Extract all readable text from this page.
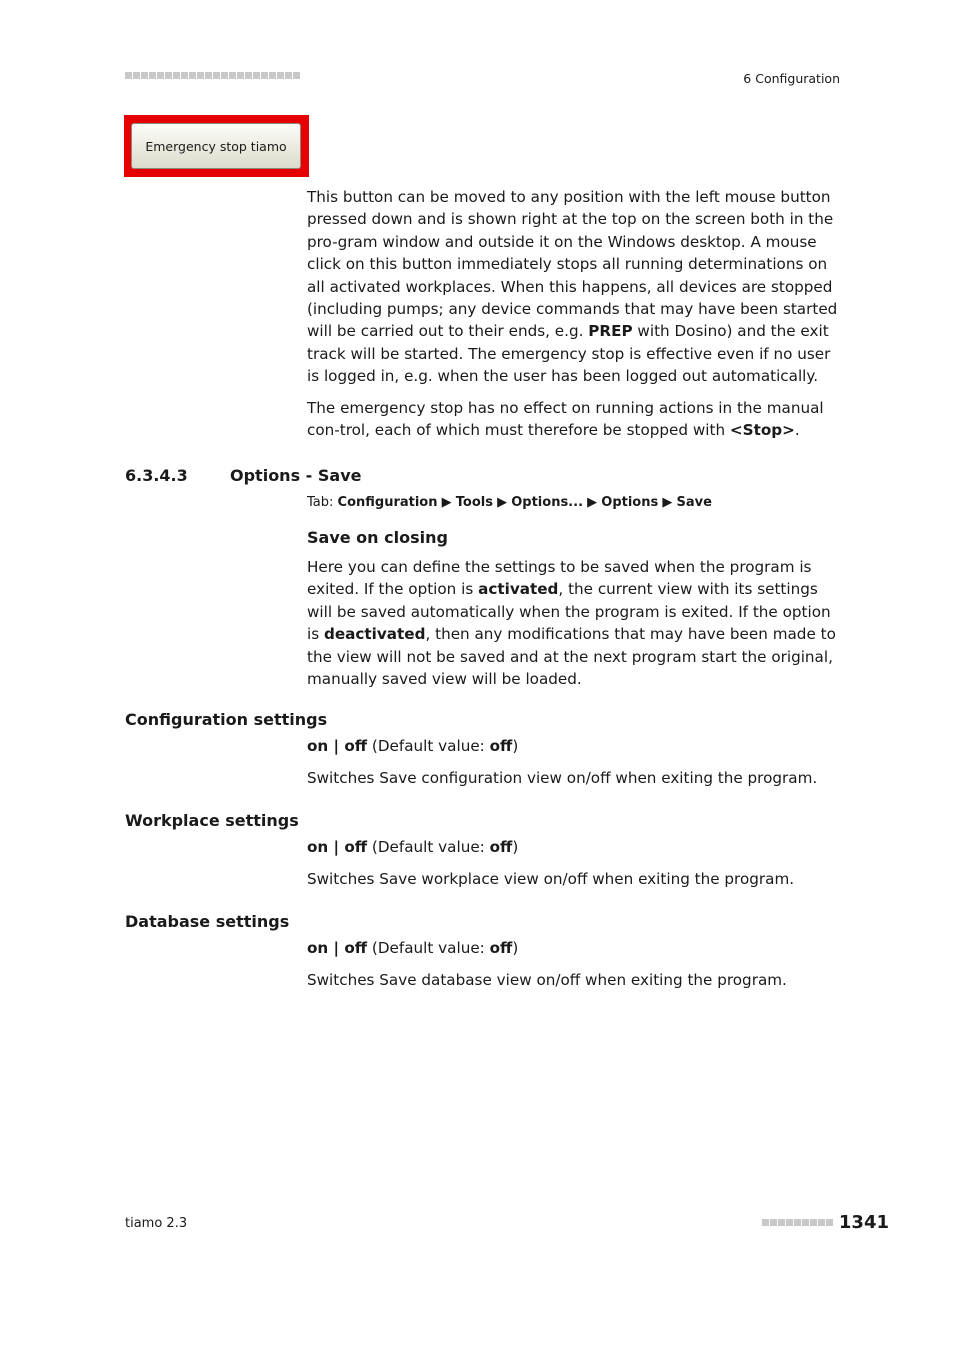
6 Configuration
Emergency stop tiamo

This button can be moved to any position with the left mouse button pressed down and is shown right at the top on the screen both in the pro-gram window and outside it on the Windows desktop. A mouse click on this button immediately stops all running determinations on all activated workplaces. When this happens, all devices are stopped (including pumps; any device commands that may have been started will be carried out to their ends, e.g. PREP with Dosino) and the exit track will be started. The emergency stop is effective even if no user is logged in, e.g. when the user has been logged out automatically.

The emergency stop has no effect on running actions in the manual con-trol, each of which must therefore be stopped with <Stop>.

6.3.4.3	Options - Save
Tab: Configuration ▶ Tools ▶ Options... ▶ Options ▶ Save
Save on closing

Here you can define the settings to be saved when the program is exited. If the option is activated, the current view with its settings will be saved automatically when the program is exited. If the option is deactivated, then any modifications that may have been made to the view will not be saved and at the next program start the original, manually saved view will be loaded.

Configuration settings
on | off (Default value: off)
Switches Save configuration view on/off when exiting the program.
Workplace settings
on | off (Default value: off)
Switches Save workplace view on/off when exiting the program.
Database settings
on | off (Default value: off)
Switches Save database view on/off when exiting the program.
tiamo 2.3	1341
